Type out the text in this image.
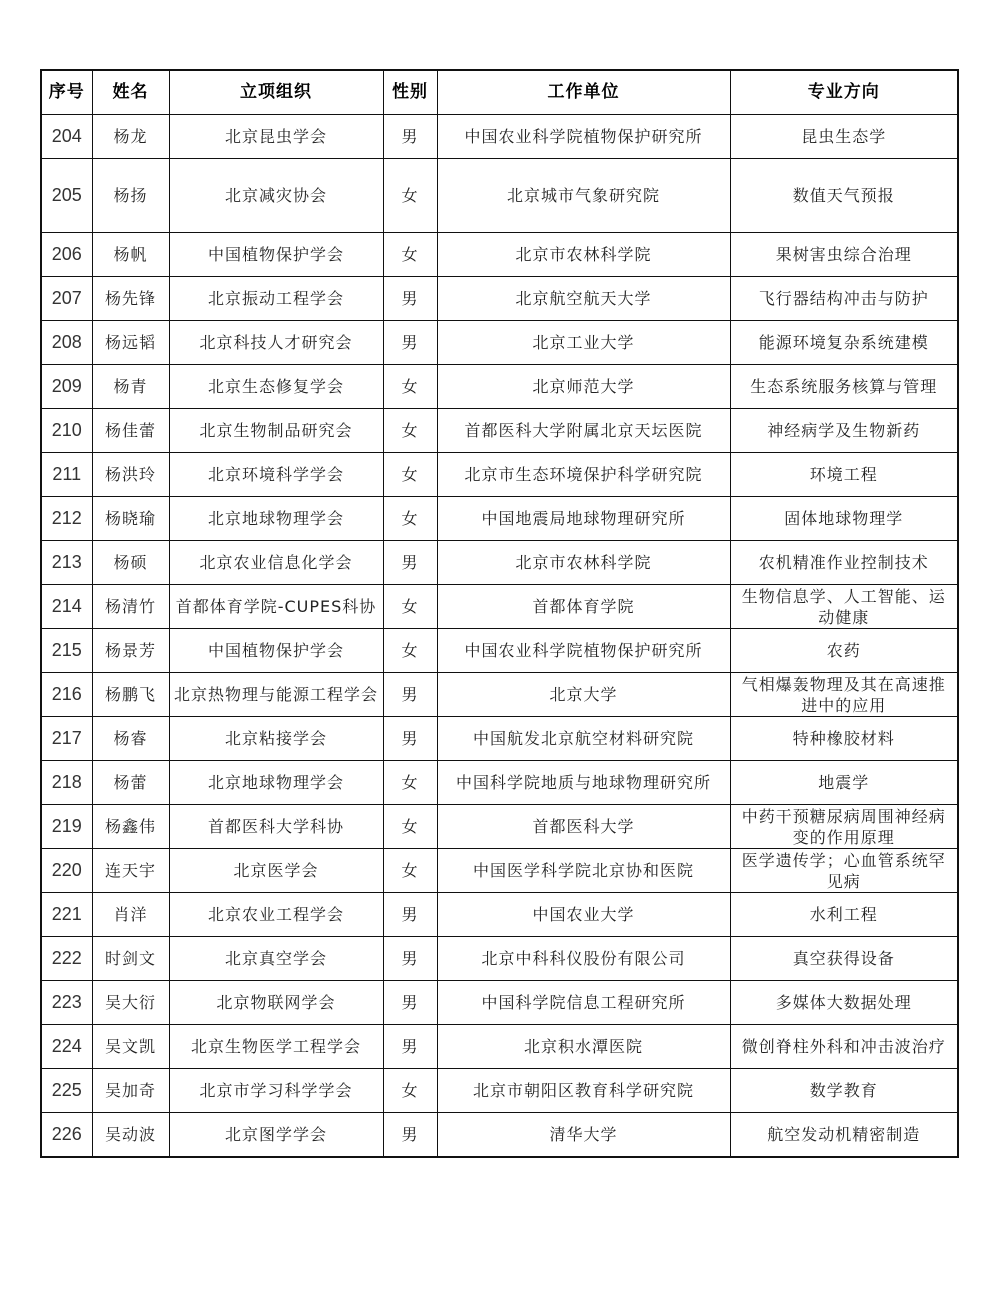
序号	姓名	立项组织	性别	工作单位	专业方向
204	杨龙	北京昆虫学会	男	中国农业科学院植物保护研究所	昆虫生态学
205	杨扬	北京减灾协会	女	北京城市气象研究院	数值天气预报
206	杨帆	中国植物保护学会	女	北京市农林科学院	果树害虫综合治理
207	杨先锋	北京振动工程学会	男	北京航空航天大学	飞行器结构冲击与防护
208	杨远韬	北京科技人才研究会	男	北京工业大学	能源环境复杂系统建模
209	杨青	北京生态修复学会	女	北京师范大学	生态系统服务核算与管理
210	杨佳蕾	北京生物制品研究会	女	首都医科大学附属北京天坛医院	神经病学及生物新药
211	杨洪玲	北京环境科学学会	女	北京市生态环境保护科学研究院	环境工程
212	杨晓瑜	北京地球物理学会	女	中国地震局地球物理研究所	固体地球物理学
213	杨硕	北京农业信息化学会	男	北京市农林科学院	农机精准作业控制技术
214	杨清竹	首都体育学院-CUPES科协	女	首都体育学院	生物信息学、人工智能、运动健康
215	杨景芳	中国植物保护学会	女	中国农业科学院植物保护研究所	农药
216	杨鹏飞	北京热物理与能源工程学会	男	北京大学	气相爆轰物理及其在高速推进中的应用
217	杨睿	北京粘接学会	男	中国航发北京航空材料研究院	特种橡胶材料
218	杨蕾	北京地球物理学会	女	中国科学院地质与地球物理研究所	地震学
219	杨鑫伟	首都医科大学科协	女	首都医科大学	中药干预糖尿病周围神经病变的作用原理
220	连天宇	北京医学会	女	中国医学科学院北京协和医院	医学遗传学；心血管系统罕见病
221	肖洋	北京农业工程学会	男	中国农业大学	水利工程
222	时剑文	北京真空学会	男	北京中科科仪股份有限公司	真空获得设备
223	吴大衍	北京物联网学会	男	中国科学院信息工程研究所	多媒体大数据处理
224	吴文凯	北京生物医学工程学会	男	北京积水潭医院	微创脊柱外科和冲击波治疗
225	吴加奇	北京市学习科学学会	女	北京市朝阳区教育科学研究院	数学教育
226	吴动波	北京图学学会	男	清华大学	航空发动机精密制造
